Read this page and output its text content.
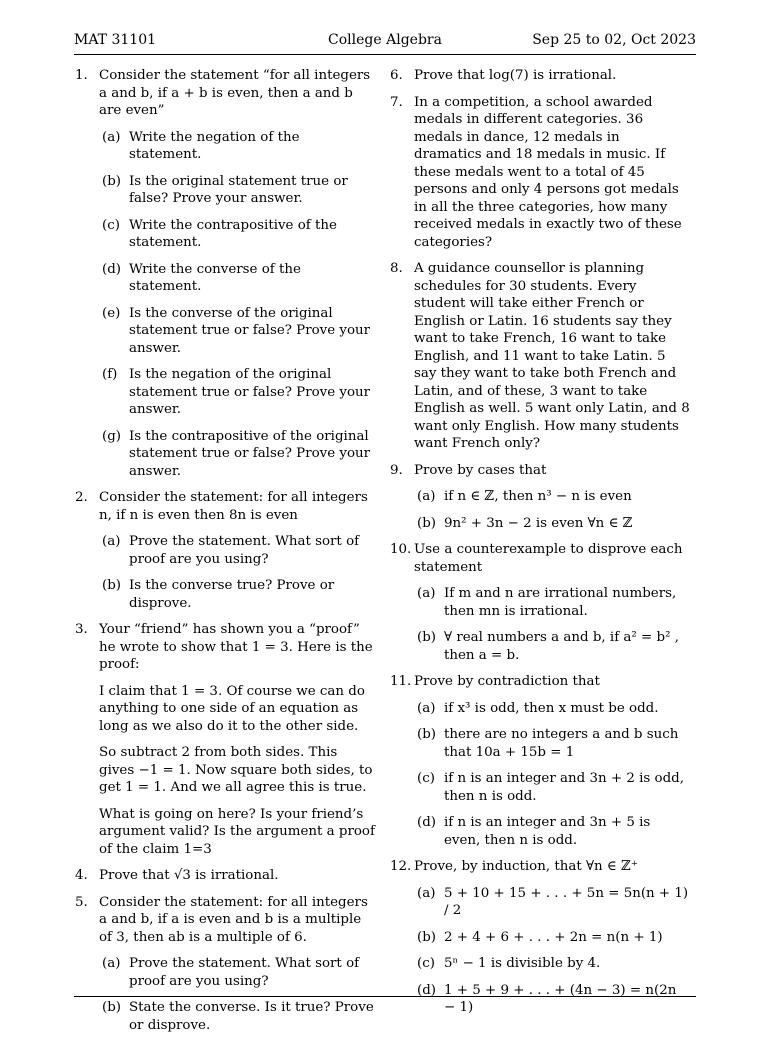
MAT 31101	College Algebra	Sep 25 to 02, Oct 2023
1. Consider the statement “for all integers a and b, if a + b is even, then a and b are even”

(a) Write the negation of the statement.
(b) Is the original statement true or false? Prove your answer.
(c) Write the contrapositive of the statement.
(d) Write the converse of the statement.
(e) Is the converse of the original statement true or false? Prove your answer.
(f) Is the negation of the original statement true or false? Prove your answer.
(g) Is the contrapositive of the original statement true or false? Prove your answer.
2. Consider the statement: for all integers n, if n is even then 8n is even

(a) Prove the statement. What sort of proof are you using?
(b) Is the converse true? Prove or disprove.
3. Your “friend” has shown you a “proof” he wrote to show that 1 = 3. Here is the proof:

I claim that 1 = 3. Of course we can do anything to one side of an equation as long as we also do it to the other side.

So subtract 2 from both sides. This gives −1 = 1. Now square both sides, to get 1 = 1. And we all agree this is true.

What is going on here? Is your friend’s argument valid? Is the argument a proof of the claim 1=3

4. Prove that √3 is irrational.

5. Consider the statement: for all integers a and b, if a is even and b is a multiple of 3, then ab is a multiple of 6.

(a) Prove the statement. What sort of proof are you using?
(b) State the converse. Is it true? Prove or disprove.
6. Prove that log(7) is irrational.

7. In a competition, a school awarded medals in different categories. 36 medals in dance, 12 medals in dramatics and 18 medals in music. If these medals went to a total of 45 persons and only 4 persons got medals in all the three categories, how many received medals in exactly two of these categories?

8. A guidance counsellor is planning schedules for 30 students. Every student will take either French or English or Latin. 16 students say they want to take French, 16 want to take English, and 11 want to take Latin. 5 say they want to take both French and Latin, and of these, 3 want to take English as well. 5 want only Latin, and 8 want only English. How many students want French only?

9. Prove by cases that

(a) if n ∈ ℤ, then n³ − n is even
(b) 9n² + 3n − 2 is even ∀n ∈ ℤ
10. Use a counterexample to disprove each statement

(a) If m and n are irrational numbers, then mn is irrational.
(b) ∀ real numbers a and b, if a² = b² , then a = b.
11. Prove by contradiction that

(a) if x³ is odd, then x must be odd.
(b) there are no integers a and b such that 10a + 15b = 1
(c) if n is an integer and 3n + 2 is odd, then n is odd.
(d) if n is an integer and 3n + 5 is even, then n is odd.
12. Prove, by induction, that ∀n ∈ ℤ⁺

(a) 5 + 10 + 15 + . . . + 5n = 5n(n + 1) / 2
(b) 2 + 4 + 6 + . . . + 2n = n(n + 1)
(c) 5ⁿ − 1 is divisible by 4.
(d) 1 + 5 + 9 + . . . + (4n − 3) = n(2n − 1)
